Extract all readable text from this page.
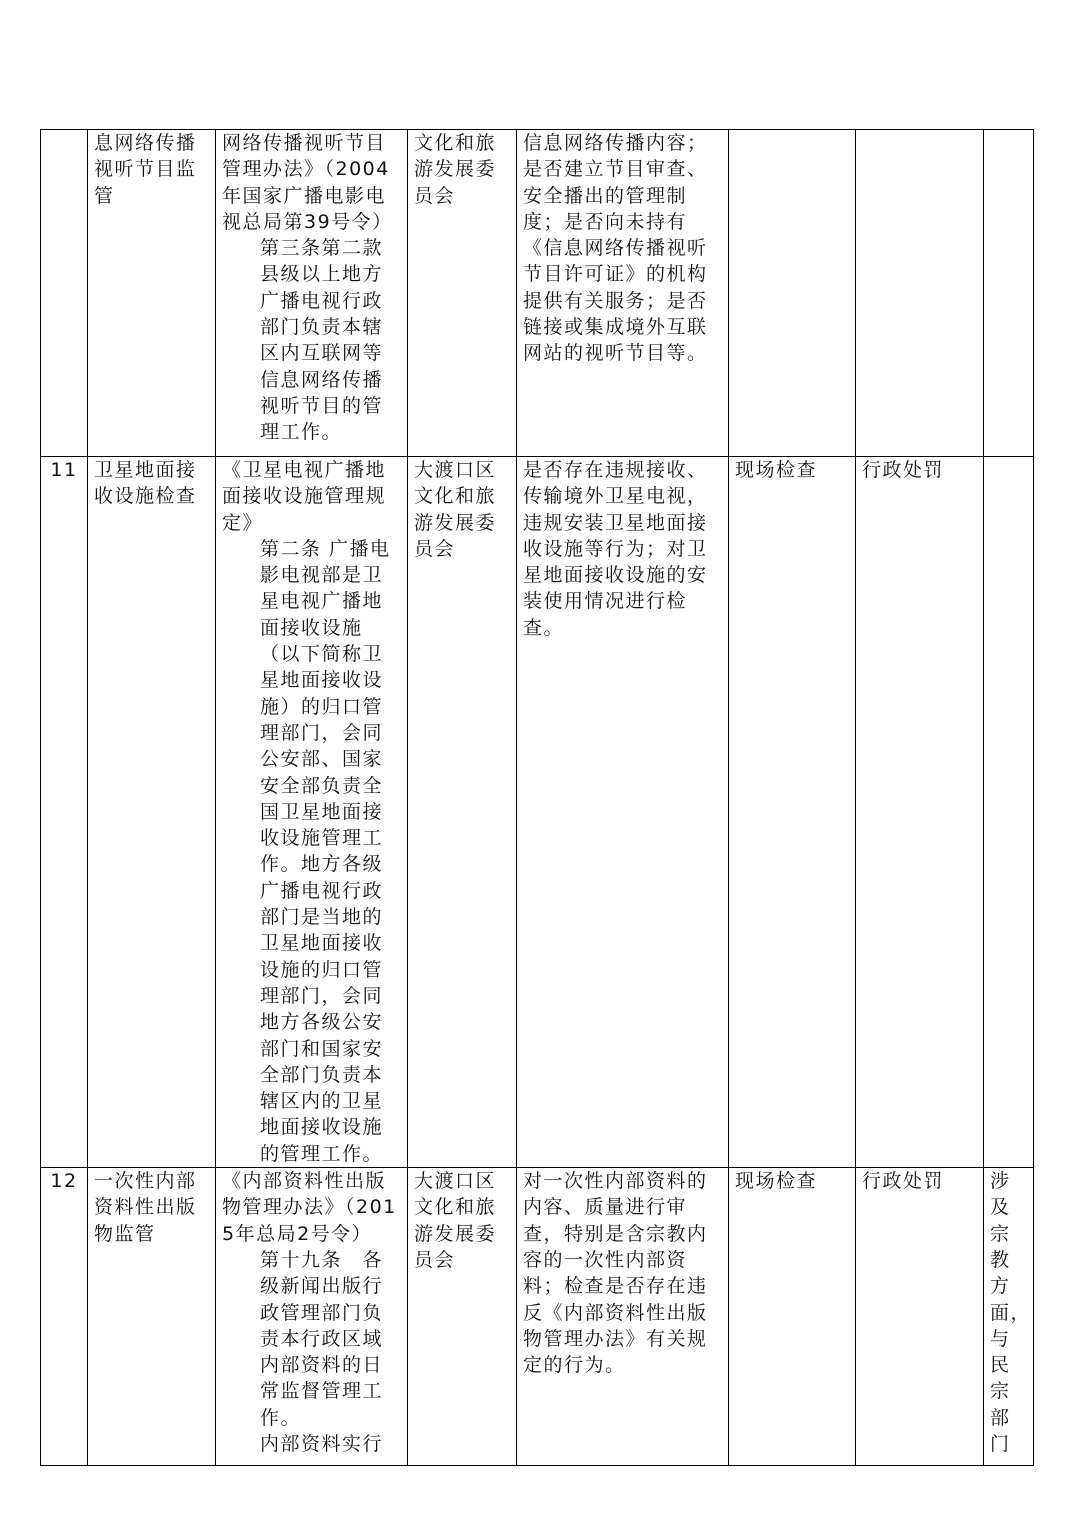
	息网络传播视听节目监管	网络传播视听节目管理办法》（2004年国家广播电影电视总局第39号令）
第三条第二款县级以上地方广播电视行政部门负责本辖区内互联网等信息网络传播视听节目的管理工作。	文化和旅游发展委员会	信息网络传播内容；是否建立节目审查、安全播出的管理制度；是否向未持有《信息网络传播视听节目许可证》的机构提供有关服务；是否链接或集成境外互联网站的视听节目等。			
11	卫星地面接收设施检查	《卫星电视广播地面接收设施管理规定》
第二条 广播电影电视部是卫星电视广播地面接收设施（以下简称卫星地面接收设施）的归口管理部门，会同公安部、国家安全部负责全国卫星地面接收设施管理工作。地方各级广播电视行政部门是当地的卫星地面接收设施的归口管理部门，会同地方各级公安部门和国家安全部门负责本辖区内的卫星地面接收设施的管理工作。	大渡口区文化和旅游发展委员会	是否存在违规接收、传输境外卫星电视，违规安装卫星地面接收设施等行为；对卫星地面接收设施的安装使用情况进行检查。	现场检查	行政处罚	
12	一次性内部资料性出版物监管	《内部资料性出版物管理办法》（2015年总局2号令）
第十九条　各级新闻出版行政管理部门负责本行政区域内部资料的日常监督管理工作。
内部资料实行	大渡口区文化和旅游发展委员会	对一次性内部资料的内容、质量进行审查，特别是含宗教内容的一次性内部资料；检查是否存在违反《内部资料性出版物管理办法》有关规定的行为。	现场检查	行政处罚	涉及宗教方面，与民宗部门
